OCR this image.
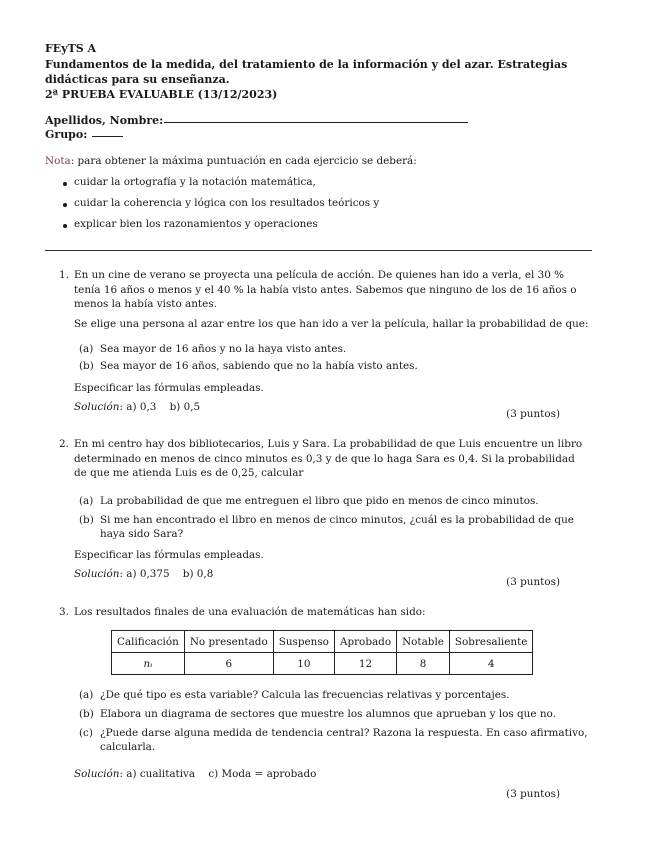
FEyTS A
Fundamentos de la medida, del tratamiento de la información y del azar. Estrategias
didácticas para su enseñanza.
2ª PRUEBA EVALUABLE (13/12/2023)
Apellidos, Nombre:
Grupo:
Nota: para obtener la máxima puntuación en cada ejercicio se deberá:
cuidar la ortografía y la notación matemática,
cuidar la coherencia y lógica con los resultados teóricos y
explicar bien los razonamientos y operaciones
1. En un cine de verano se proyecta una película de acción. De quienes han ido a verla, el 30 %
tenía 16 años o menos y el 40 % la había visto antes. Sabemos que ninguno de los de 16 años o
menos la había visto antes.
Se elige una persona al azar entre los que han ido a ver la película, hallar la probabilidad de que:
(a) Sea mayor de 16 años y no la haya visto antes.
(b) Sea mayor de 16 años, sabiendo que no la había visto antes.
Especificar las fórmulas empleadas.
Solución: a) 0,3    b) 0,5
(3 puntos)
2. En mi centro hay dos bibliotecarios, Luis y Sara. La probabilidad de que Luis encuentre un libro
determinado en menos de cinco minutos es 0,3 y de que lo haga Sara es 0,4. Si la probabilidad
de que me atienda Luis es de 0,25, calcular
(a) La probabilidad de que me entreguen el libro que pido en menos de cinco minutos.
(b) Si me han encontrado el libro en menos de cinco minutos, ¿cuál es la probabilidad de que
haya sido Sara?
Especificar las fórmulas empleadas.
Solución: a) 0,375    b) 0,8
(3 puntos)
3. Los resultados finales de una evaluación de matemáticas han sido:
Calificación	No presentado	Suspenso	Aprobado	Notable	Sobresaliente
nᵢ	6	10	12	8	4
(a) ¿De qué tipo es esta variable? Calcula las frecuencias relativas y porcentajes.
(b) Elabora un diagrama de sectores que muestre los alumnos que aprueban y los que no.
(c) ¿Puede darse alguna medida de tendencia central? Razona la respuesta. En caso afirmativo,
calcularla.
Solución: a) cualitativa    c) Moda = aprobado
(3 puntos)
